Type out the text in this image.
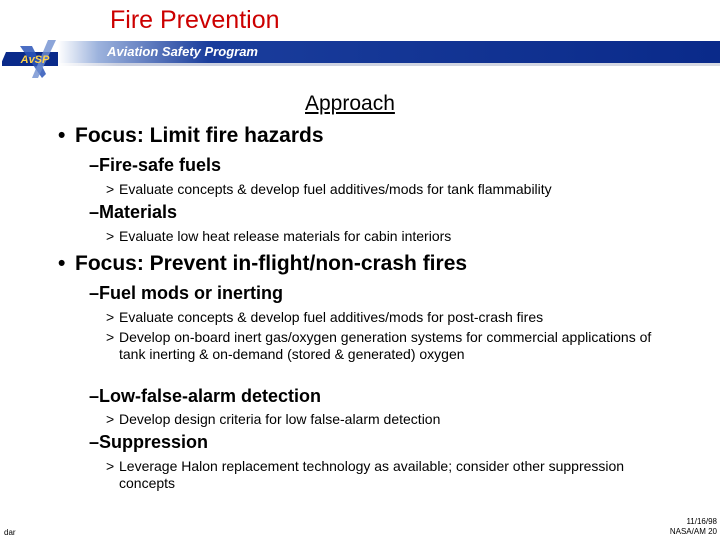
Fire Prevention
AvSP
Aviation Safety Program
Approach
• Focus: Limit fire hazards
–Fire-safe fuels
> Evaluate concepts & develop fuel additives/mods for tank flammability
–Materials
> Evaluate low heat release materials for cabin interiors
• Focus: Prevent in-flight/non-crash fires
–Fuel mods or inerting
> Evaluate concepts & develop fuel additives/mods for post-crash fires
> Develop on-board inert gas/oxygen generation systems for commercial applications of tank inerting & on-demand (stored & generated) oxygen
–Low-false-alarm detection
> Develop design criteria for low false-alarm detection
–Suppression
> Leverage Halon replacement technology as available; consider other suppression concepts
dar
11/16/98
NASA/AM 20
